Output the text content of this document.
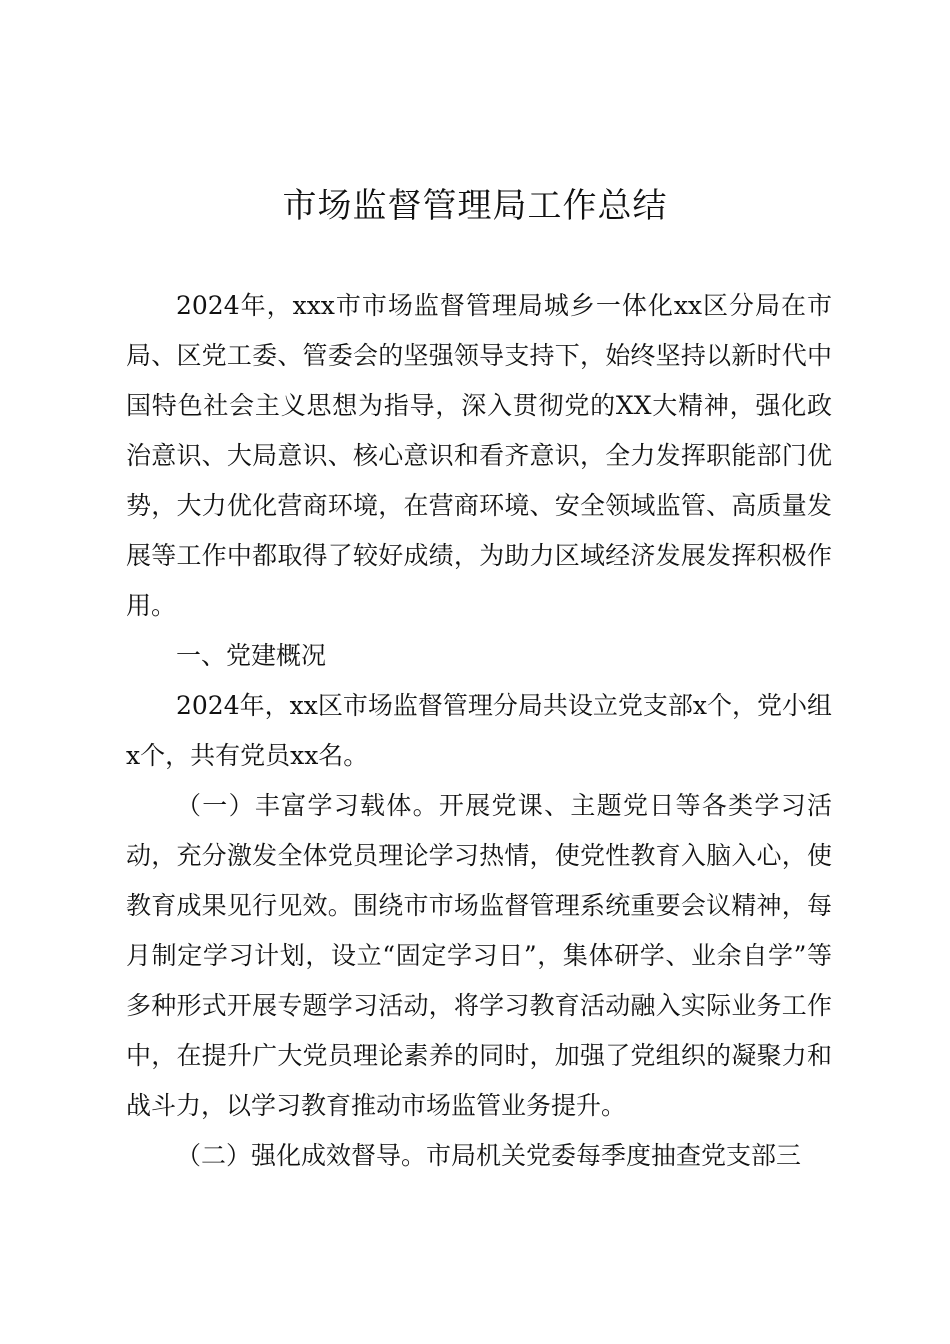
市场监督管理局工作总结

2024年，xxx市市场监督管理局城乡一体化xx区分局在市局、区党工委、管委会的坚强领导支持下，始终坚持以新时代中国特色社会主义思想为指导，深入贯彻党的XX大精神，强化政治意识、大局意识、核心意识和看齐意识，全力发挥职能部门优势，大力优化营商环境，在营商环境、安全领域监管、高质量发展等工作中都取得了较好成绩，为助力区域经济发展发挥积极作用。

一、党建概况

2024年，xx区市场监督管理分局共设立党支部x个，党小组x个，共有党员xx名。

（一）丰富学习载体。开展党课、主题党日等各类学习活动，充分激发全体党员理论学习热情，使党性教育入脑入心，使教育成果见行见效。围绕市市场监督管理系统重要会议精神，每月制定学习计划，设立“固定学习日”，集体研学、业余自学”等多种形式开展专题学习活动，将学习教育活动融入实际业务工作中，在提升广大党员理论素养的同时，加强了党组织的凝聚力和战斗力，以学习教育推动市场监管业务提升。

（二）强化成效督导。市局机关党委每季度抽查党支部三
